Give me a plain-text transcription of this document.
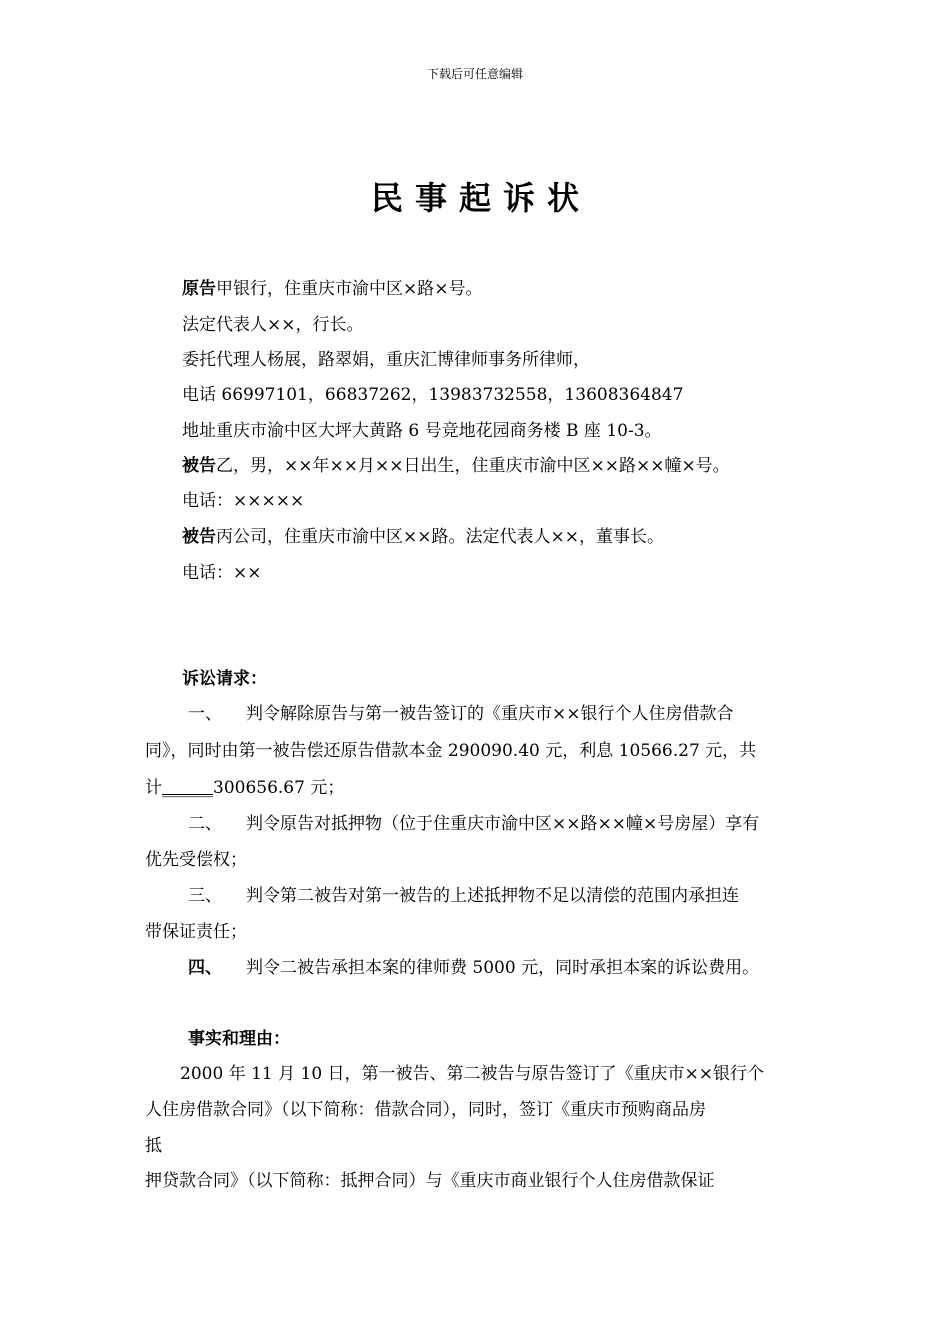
下载后可任意编辑
民事起诉状
原告甲银行，住重庆市渝中区×路×号。
法定代表人××，行长。
委托代理人杨展，路翠娟，重庆汇博律师事务所律师，
电话 66997101，66837262，13983732558，13608364847
地址重庆市渝中区大坪大黄路 6 号竞地花园商务楼 B 座 10-3。
被告乙，男，××年××月××日出生，住重庆市渝中区××路××幢×号。
电话：×××××
被告丙公司，住重庆市渝中区××路。法定代表人××，董事长。
电话：××
诉讼请求：
一、 判令解除原告与第一被告签订的《重庆市××银行个人住房借款合
同》，同时由第一被告偿还原告借款本金 290090.40 元，利息 10566.27 元，共
计______300656.67 元；
二、 判令原告对抵押物（位于住重庆市渝中区××路××幢×号房屋）享有
优先受偿权；
三、 判令第二被告对第一被告的上述抵押物不足以清偿的范围内承担连
带保证责任；
四、 判令二被告承担本案的律师费 5000 元，同时承担本案的诉讼费用。
事实和理由：
2000 年 11 月 10 日，第一被告、第二被告与原告签订了《重庆市××银行个
人住房借款合同》（以下简称：借款合同），同时，签订《重庆市预购商品房
抵
押贷款合同》（以下简称：抵押合同）与《重庆市商业银行个人住房借款保证
